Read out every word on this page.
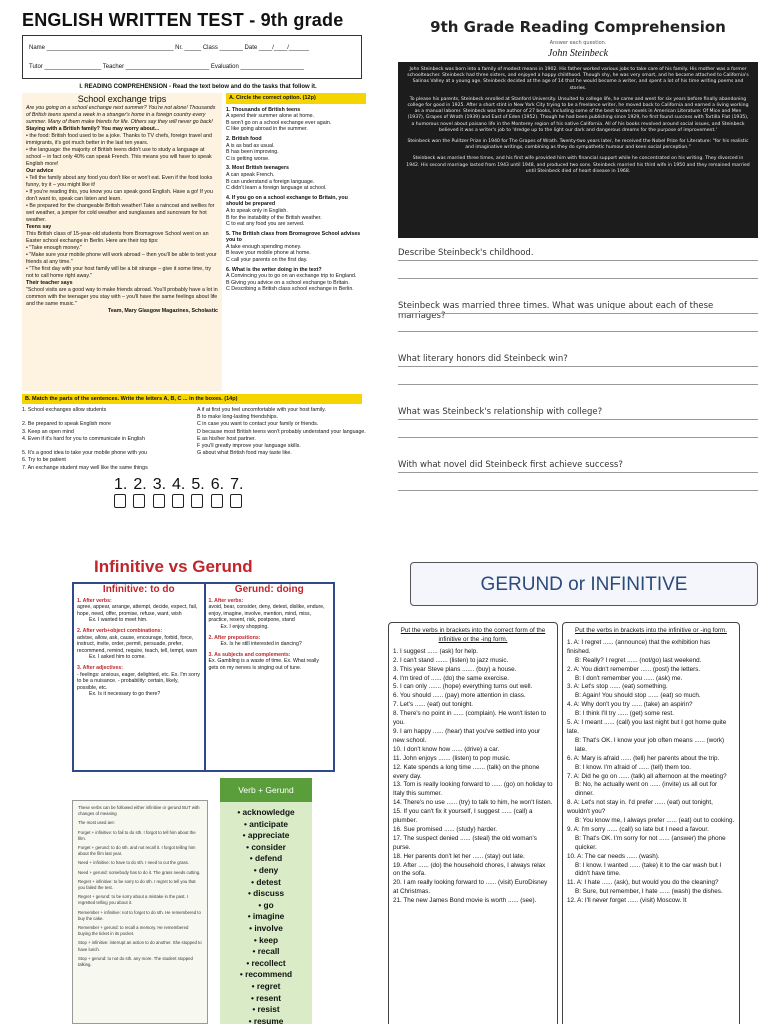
ENGLISH WRITTEN TEST - 9th grade
Name ______________________________________ Nr. _____ Class _______ Date ____/____/______
Tutor _________________ Teacher _________________________ Evaluation ___________________
I. READING COMPREHENSION - Read the text below and do the tasks that follow it.
School exchange trips
Are you going on a school exchange next summer? You're not alone! Thousands of British teens spend a week in a stranger's home in a foreign country every summer. Many of them make friends for life. Others say they will never go back!
Staying with a British family? You may worry about...
• the food: British food used to be a joke. Thanks to TV chefs, foreign travel and immigrants, it's got much better in the last ten years.
• the language: the majority of British teens didn't use to study a language at school – in fact only 40% can speak French. This means you will have to speak English more!
Our advice
• Tell the family about any food you don't like or won't eat. Even if the food looks funny, try it – you might like it!
• If you're reading this, you know you can speak good English. Have a go! If you don't want to, speak can listen and learn.
• Be prepared for the changeable British weather! Take a raincoat and wellies for wet weather, a jumper for cold weather and sunglasses and suncream for hot weather.
Teens say
This British class of 15-year-old students from Bromsgrove School went on an Easter school exchange in Berlin. Here are their top tips:
• "Take enough money."
• "Make sure your mobile phone will work abroad – then you'll be able to text your friends at any time."
• "The first day with your host family will be a bit strange – give it some time, try not to call home right away."
Their teacher says
"School visits are a good way to make friends abroad. You'll probably have a lot in common with the teenager you stay with – you'll have the same feelings about life and the same music."
Team, Mary Glasgow Magazines, Scholastic
A. Circle the correct option. (12p)
1. Thousands of British teens
A spend their summer alone at home.
B won't go on a school exchange ever again.
C like going abroad in the summer.
2. British food
A is as bad as usual.
B has been improving.
C is getting worse.
3. Most British teenagers
A can speak French.
B can understand a foreign language.
C didn't learn a foreign language at school.
4. If you go on a school exchange to Britain, you should be prepared
A to speak only in English.
B for the instability of the British weather.
C to eat any food you are served.
5. The British class from Bromsgrove School advises you to
A take enough spending money.
B leave your mobile phone at home.
C call your parents on the first day.
6. What is the writer doing in the text?
A Convincing you to go on an exchange trip to England.
B Giving you advice on a school exchange to Britain.
C Describing a British class school exchange in Berlin.
B. Match the parts of the sentences. Write the letters A, B, C ... in the boxes. (14p)
1. School exchanges allow students
2. Be prepared to speak English more
3. Keep an open mind
4. Even if it's hard for you to communicate in English
5. It's a good idea to take your mobile phone with you
6. Try to be patient
7. An exchange student may well like the same things
A if at first you feel uncomfortable with your host family.
B to make long-lasting friendships.
C in case you want to contact your family or friends.
D because most British teens won't probably understand your language.
E as his/her host partner.
F you'll greatly improve your language skills.
G about what British food may taste like.
1. 2. 3. 4. 5. 6. 7.
9th Grade Reading Comprehension
Answer each question.
John Steinbeck

John Steinbeck was born into a family of modest means in 1902. His father worked various jobs to take care of his family. His mother was a former schoolteacher. Steinbeck had three sisters, and enjoyed a happy childhood. Though shy, he was very smart, and he became attached to California's Salinas Valley at a young age. Steinbeck decided at the age of 14 that he would become a writer, and spent a lot of his time writing poems and stories.

To please his parents, Steinbeck enrolled at Stanford University. Unsuited to college life, he came and went for six years before finally abandoning college for good in 1925. After a short stint in New York City trying to be a freelance writer, he moved back to California and earned a living working as a manual laborer. Steinbeck was the author of 27 books, including some of the best known novels in American Literature: Of Mice and Men (1937), Grapes of Wrath (1939) and East of Eden (1952). Though he had been publishing since 1929, he first found success with Tortilla Flat (1935), a humorous novel about paisano life in the Monterey region of his native California. All of his books revolved around social issues, and Steinbeck believed it was a writer's job to 'dredge up to the light our dark and dangerous dreams for the purpose of improvement.'

Steinbeck won the Pulitzer Prize in 1940 for The Grapes of Wrath. Twenty-two years later, he received the Nobel Prize for Literature: "for his realistic and imaginative writings, combining as they do sympathetic humour and keen social perception."

Steinbeck was married three times, and his first wife provided him with financial support while he concentrated on his writing. They divorced in 1942. His second marriage lasted from 1943 until 1948, and produced two sons. Steinbeck married his third wife in 1950 and they remained married until Steinbeck died of heart disease in 1968.

Describe Steinbeck's childhood.
Steinbeck was married three times. What was unique about each of these marriages?
What literary honors did Steinbeck win?
What was Steinbeck's relationship with college?
With what novel did Steinbeck first achieve success?
Infinitive vs Gerund
Infinitive: to do
1. After verbs:
agree, appear, arrange, attempt, decide, expect, fail, hope, need, offer, promise, refuse, want, wish
Ex. I wanted to meet him.
2. After verb+object combinations:
advise, allow, ask, cause, encourage, forbid, force, instruct, invite, order, permit, persuade, prefer, recommend, remind, require, teach, tell, tempt, warn
Ex. I asked him to come.
3. After adjectives:
- feelings: anxious, eager, delighted, etc. Ex. I'm sorry to be a nuisance. - probability: certain, likely, possible, etc.
Ex. Is it necessary to go there?
Gerund: doing
1. After verbs:
avoid, bear, consider, deny, detest, dislike, endure, enjoy, imagine, involve, mention, mind, miss, practice, resent, risk, postpone, stand
Ex. I enjoy shopping.
2. After prepositions:
Ex. Is he still interested in dancing?
3. As subjects and complements:
Ex. Gambling is a waste of time. Ex. What really gets on my nerves is singing out of tune.
These verbs can be followed either infinitive or gerund BUT with changes of meaning
The most used are:
Forget + infinitive: to fail to do sth. I forgot to tell him about the film.
Forget + gerund: to do sth. and not recall it. I forgot telling him about the film last year.
Need + infinitive: to have to do sth. I need to cut the grass.
Need + gerund: somebody has to do it. The grass needs cutting.
Regret + infinitive: to be sorry to do sth. I regret to tell you that you failed the test.
Regret + gerund: to be sorry about a mistake in the past. I regretted telling you about it.
Remember + infinitive: not to forget to do sth. He remembered to buy the cake.
Remember + gerund: to recall a memory. He remembered buying the ticket in its pocket.
Stop + infinitive: interrupt an action to do another. She stopped to have lunch.
Stop + gerund: to not do sth. any more. The student stopped talking.
Verb + Gerund
• acknowledge
• anticipate
• appreciate
• consider
• defend
• deny
• detest
• discuss
• go
• imagine
• involve
• keep
• recall
• recollect
• recommend
• regret
• resent
• resist
• resume
GERUND or INFINITIVE
Put the verbs in brackets into the correct form of the infinitive or the -ing form.
1. I suggest ...... (ask) for help.
2. I can't stand ....... (listen) to jazz music.
3. This year Steve plans ....... (buy) a house.
4. I'm tired of ...... (do) the same exercise.
5. I can only ....... (hope) everything turns out well.
6. You should ...... (pay) more attention in class.
7. Let's ...... (eat) out tonight.
8. There's no point in ...... (complain). He won't listen to you.
9. I am happy ...... (hear) that you've settled into your new school.
10. I don't know how ...... (drive) a car.
11. John enjoys ....... (listen) to pop music.
12. Kate spends a long time ....... (talk) on the phone every day.
13. Tom is really looking forward to ...... (go) on holiday to Italy this summer.
14. There's no use ...... (try) to talk to him, he won't listen.
15. If you can't fix it yourself, I suggest ...... (call) a plumber.
16. Sue promised ...... (study) harder.
17. The suspect denied ...... (steal) the old woman's purse.
18. Her parents don't let her ...... (stay) out late.
19. After ...... (do) the household chores, I always relax on the sofa.
20. I am really looking forward to ...... (visit) EuroDisney at Christmas.
21. The new James Bond movie is worth ...... (see).
Put the verbs in brackets into the infinitive or -ing form.
1. A: I regret ...... (announce) that the exhibition has finished.
B: Really? I regret ...... (not/go) last weekend.
2. A: You didn't remember ...... (post) the letters.
B: I don't remember you ...... (ask) me.
3. A: Let's stop ...... (eat) something.
B: Again! You should stop ...... (eat) so much.
4. A: Why don't you try ...... (take) an aspirin?
B: I think I'll try ...... (get) some rest.
5. A: I meant ...... (call) you last night but I got home quite late.
B: That's OK. I know your job often means ...... (work) late.
6. A: Mary is afraid ...... (tell) her parents about the trip.
B: I know. I'm afraid of ...... (tell) them too.
7. A: Did he go on ...... (talk) all afternoon at the meeting?
B: No, he actually went on ...... (invite) us all out for dinner.
8. A: Let's not stay in. I'd prefer ...... (eat) out tonight, wouldn't you?
B: You know me, I always prefer ...... (eat) out to cooking.
9. A: I'm sorry ...... (call) so late but I need a favour.
B: That's OK. I'm sorry for not ...... (answer) the phone quicker.
10. A: The car needs ...... (wash).
B: I know. I wanted ...... (take) it to the car wash but I didn't have time.
11. A: I hate ...... (ask), but would you do the cleaning?
B: Sure, but remember, I hate ...... (wash) the dishes.
12. A: I'll never forget ...... (visit) Moscow. It
